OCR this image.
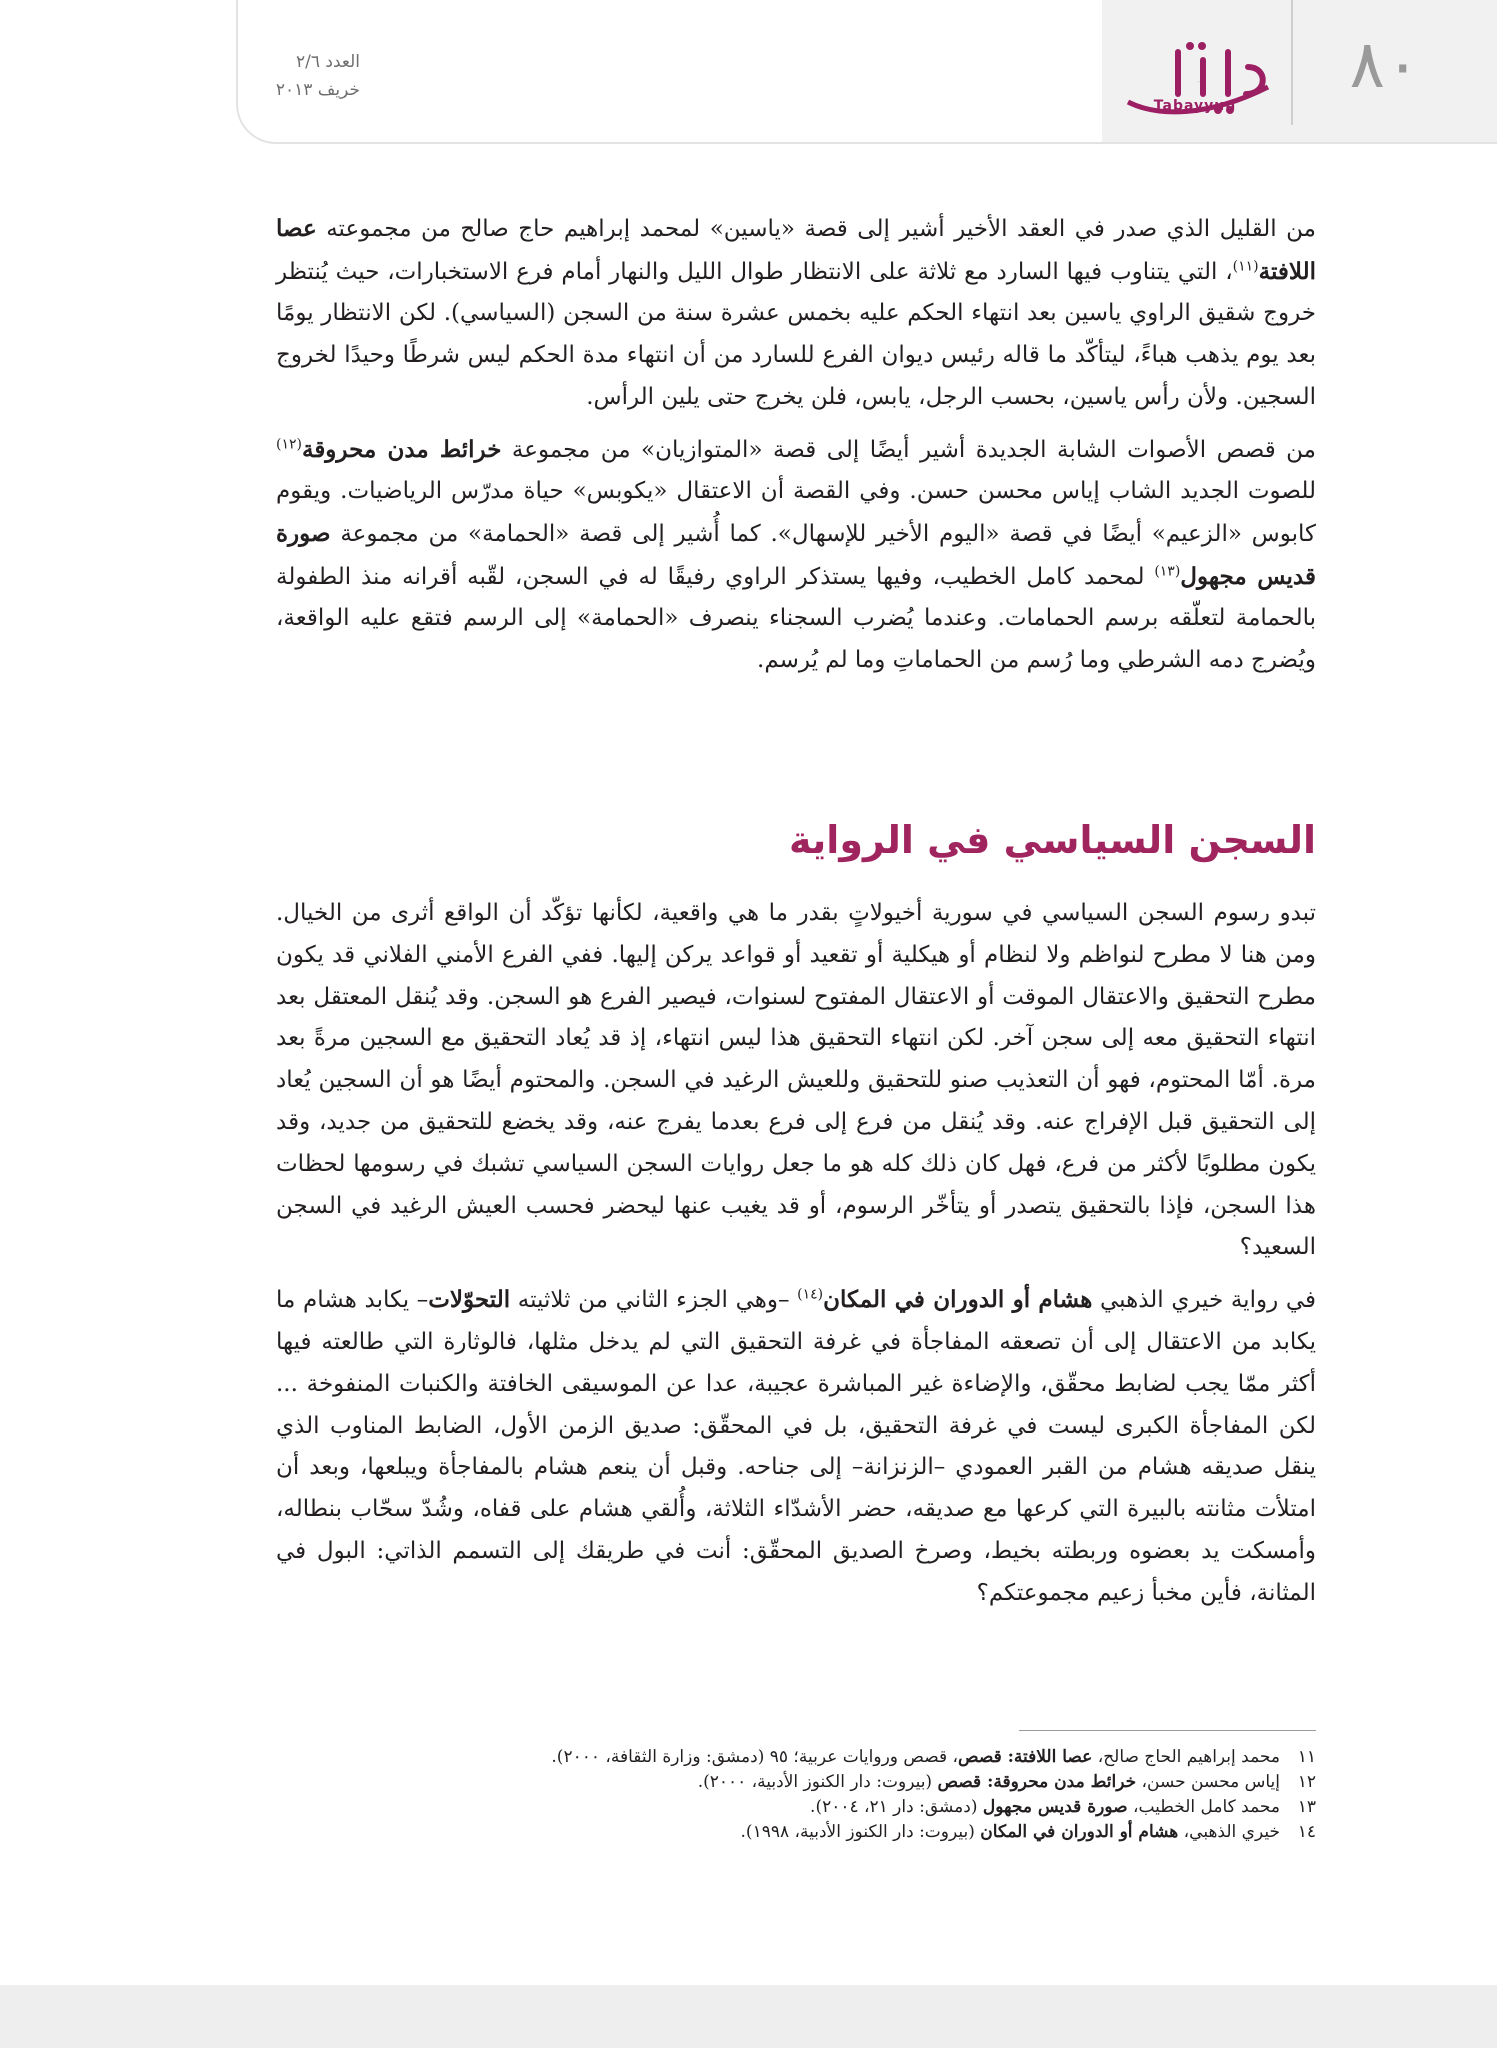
٨٠
تبيّن
Tabayyun
العدد ٢/٦
خريف ٢٠١٣

من القليل الذي صدر في العقد الأخير أشير إلى قصة «ياسين» لمحمد إبراهيم حاج صالح من مجموعته عصا اللافتة$^{(١١)}$، التي يتناوب فيها السارد مع ثلاثة على الانتظار طوال الليل والنهار أمام فرع الاستخبارات، حيث يُنتظر خروج شقيق الراوي ياسين بعد انتهاء الحكم عليه بخمس عشرة سنة من السجن (السياسي). لكن الانتظار يومًا بعد يوم يذهب هباءً، ليتأكّد ما قاله رئيس ديوان الفرع للسارد من أن انتهاء مدة الحكم ليس شرطًا وحيدًا لخروج السجين. ولأن رأس ياسين، بحسب الرجل، يابس، فلن يخرج حتى يلين الرأس.

من قصص الأصوات الشابة الجديدة أشير أيضًا إلى قصة «المتوازيان» من مجموعة خرائط مدن محروقة$^{(١٢)}$ للصوت الجديد الشاب إياس محسن حسن. وفي القصة أن الاعتقال «يكوبس» حياة مدرّس الرياضيات. ويقوم كابوس «الزعيم» أيضًا في قصة «اليوم الأخير للإسهال». كما أُشير إلى قصة «الحمامة» من مجموعة صورة قديس مجهول$^{(١٣)}$ لمحمد كامل الخطيب، وفيها يستذكر الراوي رفيقًا له في السجن، لقّبه أقرانه منذ الطفولة بالحمامة لتعلّقه برسم الحمامات. وعندما يُضرب السجناء ينصرف «الحمامة» إلى الرسم فتقع عليه الواقعة، ويُضرج دمه الشرطي وما رُسم من الحماماتِ وما لم يُرسم.

السجن السياسي في الرواية

تبدو رسوم السجن السياسي في سورية أخيولاتٍ بقدر ما هي واقعية، لكأنها تؤكّد أن الواقع أثرى من الخيال. ومن هنا لا مطرح لنواظم ولا لنظام أو هيكلية أو تقعيد أو قواعد يركن إليها. ففي الفرع الأمني الفلاني قد يكون مطرح التحقيق والاعتقال الموقت أو الاعتقال المفتوح لسنوات، فيصير الفرع هو السجن. وقد يُنقل المعتقل بعد انتهاء التحقيق معه إلى سجن آخر. لكن انتهاء التحقيق هذا ليس انتهاء، إذ قد يُعاد التحقيق مع السجين مرةً بعد مرة. أمّا المحتوم، فهو أن التعذيب صنو للتحقيق وللعيش الرغيد في السجن. والمحتوم أيضًا هو أن السجين يُعاد إلى التحقيق قبل الإفراج عنه. وقد يُنقل من فرع إلى فرع بعدما يفرج عنه، وقد يخضع للتحقيق من جديد، وقد يكون مطلوبًا لأكثر من فرع، فهل كان ذلك كله هو ما جعل روايات السجن السياسي تشبك في رسومها لحظات هذا السجن، فإذا بالتحقيق يتصدر أو يتأخّر الرسوم، أو قد يغيب عنها ليحضر فحسب العيش الرغيد في السجن السعيد؟

في رواية خيري الذهبي هشام أو الدوران في المكان$^{(١٤)}$ –وهي الجزء الثاني من ثلاثيته التحوّلات– يكابد هشام ما يكابد من الاعتقال إلى أن تصعقه المفاجأة في غرفة التحقيق التي لم يدخل مثلها، فالوثارة التي طالعته فيها أكثر ممّا يجب لضابط محقّق، والإضاءة غير المباشرة عجيبة، عدا عن الموسيقى الخافتة والكنبات المنفوخة ... لكن المفاجأة الكبرى ليست في غرفة التحقيق، بل في المحقّق: صديق الزمن الأول، الضابط المناوب الذي ينقل صديقه هشام من القبر العمودي –الزنزانة– إلى جناحه. وقبل أن ينعم هشام بالمفاجأة ويبلعها، وبعد أن امتلأت مثانته بالبيرة التي كرعها مع صديقه، حضر الأشدّاء الثلاثة، وأُلقي هشام على قفاه، وشُدّ سحّاب بنطاله، وأمسكت يد بعضوه وربطته بخيط، وصرخ الصديق المحقّق: أنت في طريقك إلى التسمم الذاتي: البول في المثانة، فأين مخبأ زعيم مجموعتكم؟

١١
محمد إبراهيم الحاج صالح، عصا اللافتة: قصص، قصص وروايات عربية؛ ٩٥ (دمشق: وزارة الثقافة، ٢٠٠٠).
١٢
إياس محسن حسن، خرائط مدن محروقة: قصص (بيروت: دار الكنوز الأدبية، ٢٠٠٠).
١٣
محمد كامل الخطيب، صورة قديس مجهول (دمشق: دار ٢١، ٢٠٠٤).
١٤
خيري الذهبي، هشام أو الدوران في المكان (بيروت: دار الكنوز الأدبية، ١٩٩٨).
